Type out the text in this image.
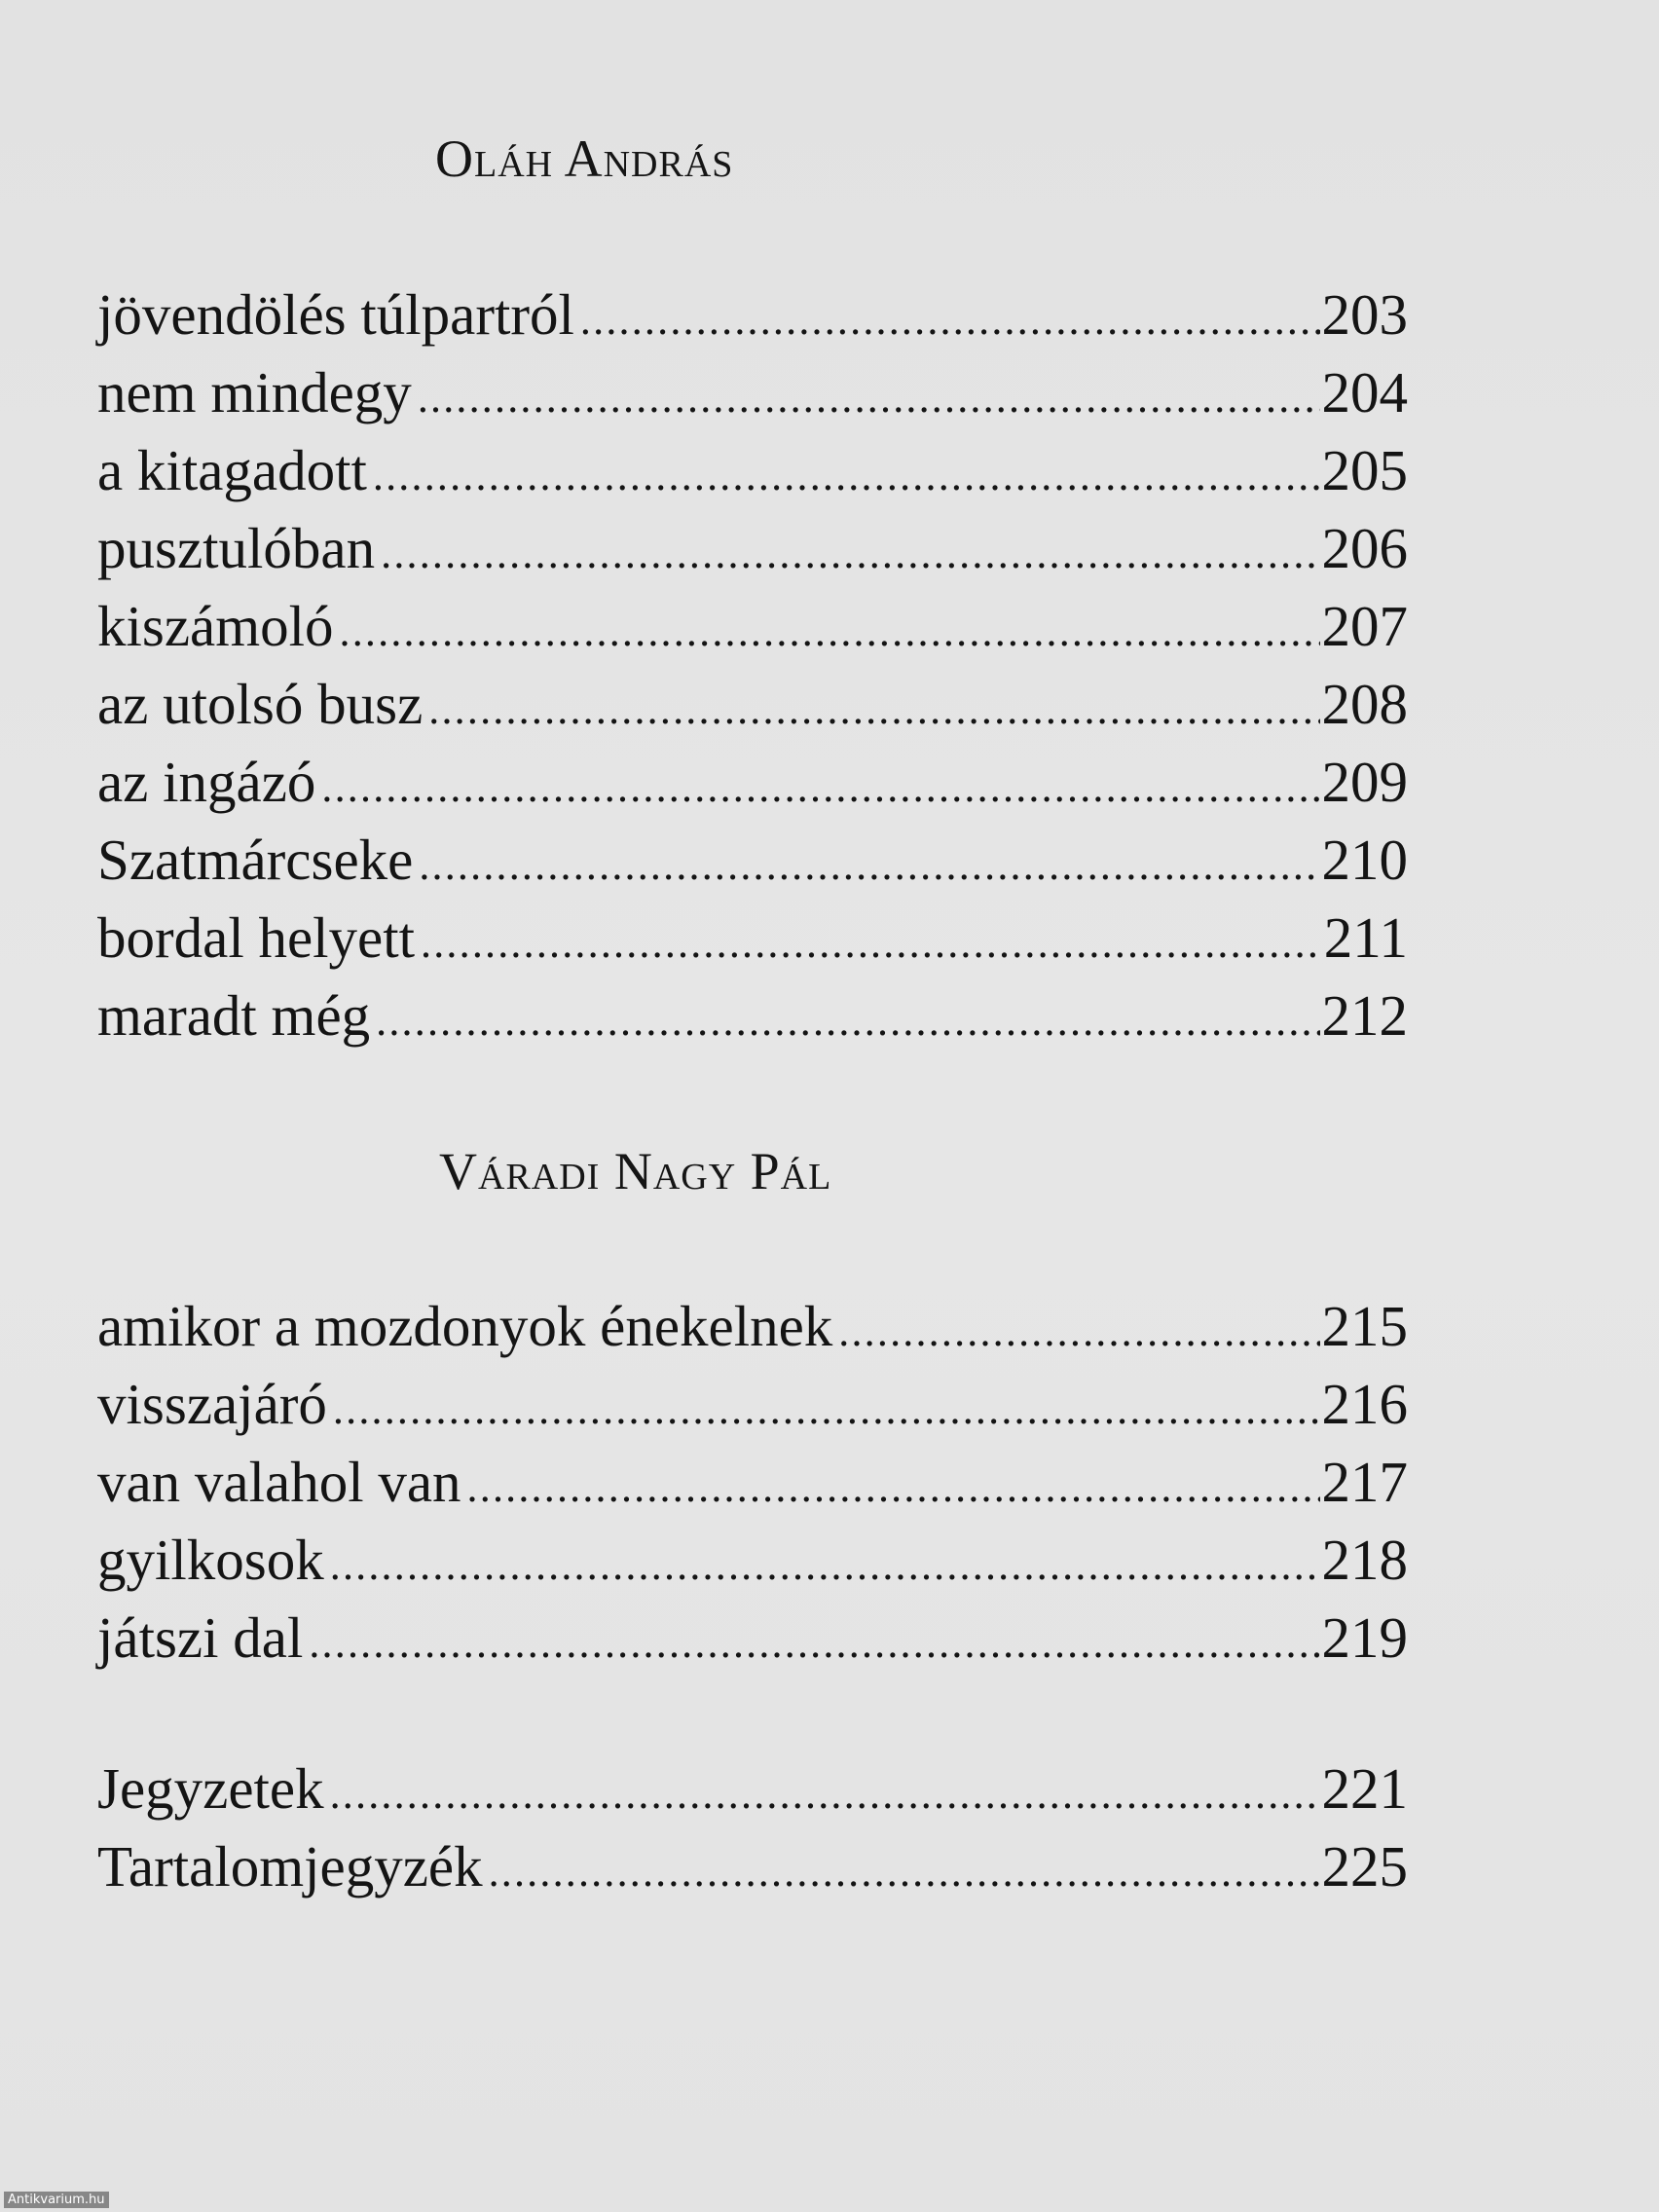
Oláh András
jövendölés túlpartról .....	203
nem mindegy .....	204
a kitagadott .....	205
pusztulóban .....	206
kiszámoló .....	207
az utolsó busz .....	208
az ingázó .....	209
Szatmárcseke .....	210
bordal helyett .....	211
maradt még .....	212
Váradi Nagy Pál
amikor a mozdonyok énekelnek .....	215
visszajáró .....	216
van valahol van .....	217
gyilkosok .....	218
játszi dal .....	219
Jegyzetek .....	221
Tartalomjegyzék .....	225
Antikvarium.hu
